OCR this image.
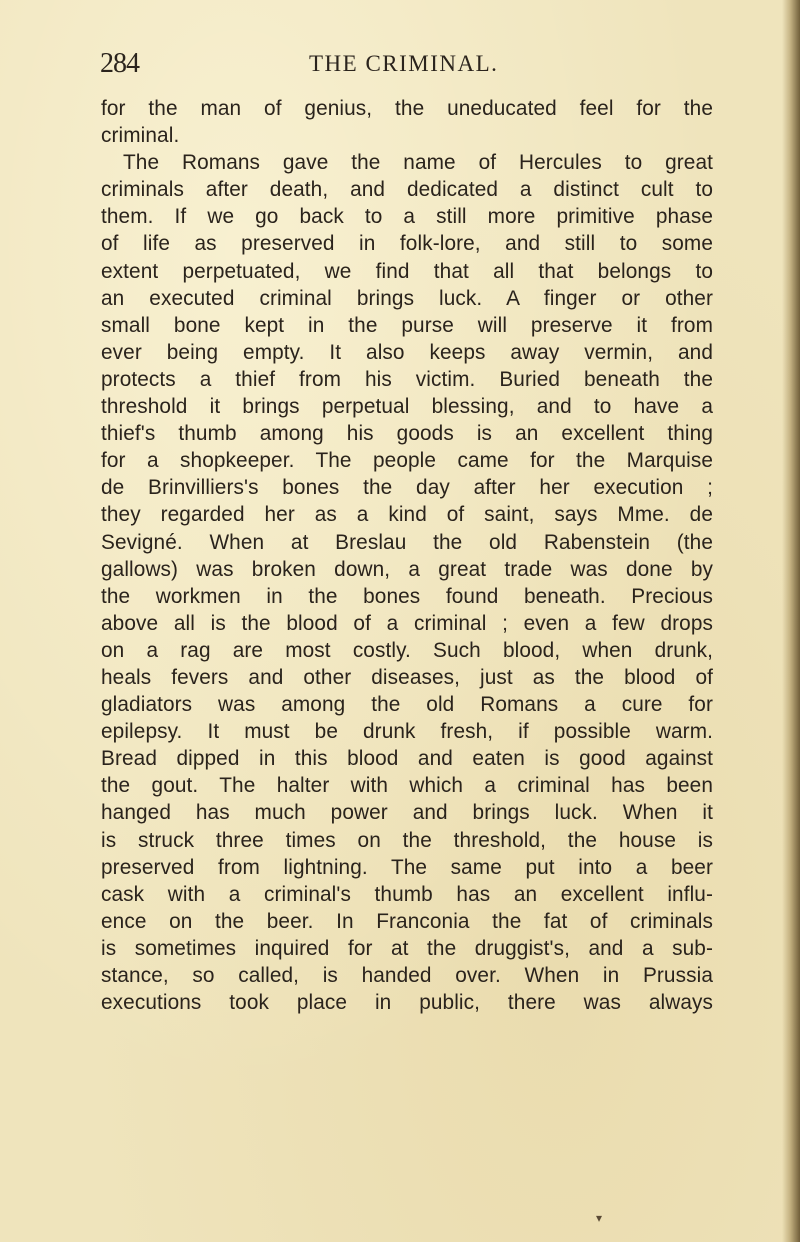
284	THE CRIMINAL.
for the man of genius, the uneducated feel for the
criminal.
The Romans gave the name of Hercules to great
criminals after death, and dedicated a distinct cult to
them. If we go back to a still more primitive phase
of life as preserved in folk-lore, and still to some
extent perpetuated, we find that all that belongs to
an executed criminal brings luck. A finger or other
small bone kept in the purse will preserve it from
ever being empty. It also keeps away vermin, and
protects a thief from his victim. Buried beneath the
threshold it brings perpetual blessing, and to have a
thief's thumb among his goods is an excellent thing
for a shopkeeper. The people came for the Marquise
de Brinvilliers's bones the day after her execution ;
they regarded her as a kind of saint, says Mme. de
Sevigné. When at Breslau the old Rabenstein (the
gallows) was broken down, a great trade was done by
the workmen in the bones found beneath. Precious
above all is the blood of a criminal ; even a few drops
on a rag are most costly. Such blood, when drunk,
heals fevers and other diseases, just as the blood of
gladiators was among the old Romans a cure for
epilepsy. It must be drunk fresh, if possible warm.
Bread dipped in this blood and eaten is good against
the gout. The halter with which a criminal has been
hanged has much power and brings luck. When it
is struck three times on the threshold, the house is
preserved from lightning. The same put into a beer
cask with a criminal's thumb has an excellent influ-
ence on the beer. In Franconia the fat of criminals
is sometimes inquired for at the druggist's, and a sub-
stance, so called, is handed over. When in Prussia
executions took place in public, there was always
▾
